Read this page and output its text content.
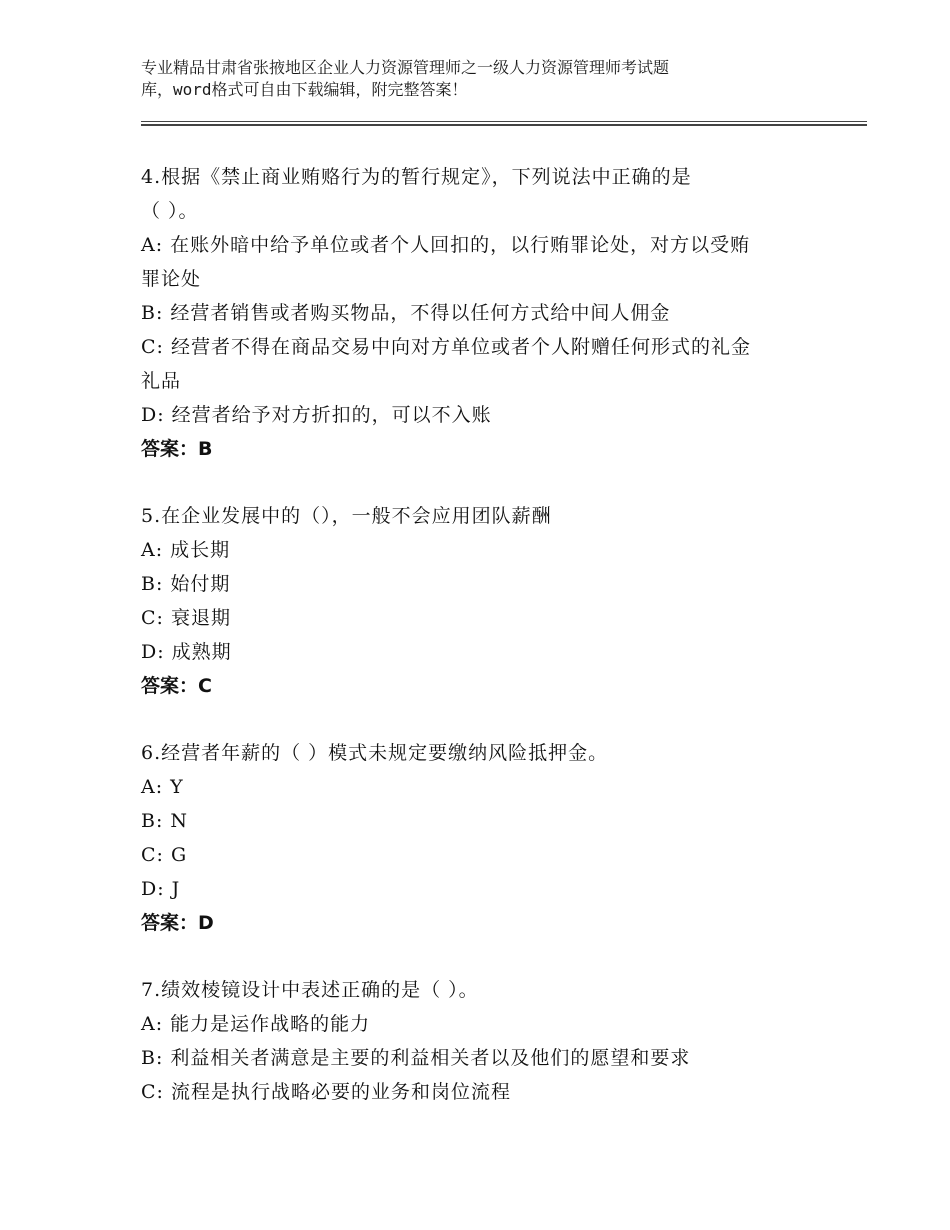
专业精品甘肃省张掖地区企业人力资源管理师之一级人力资源管理师考试题
库，word格式可自由下载编辑，附完整答案！
4.根据《禁止商业贿赂行为的暂行规定》，下列说法中正确的是
（ ）。
A: 在账外暗中给予单位或者个人回扣的，以行贿罪论处，对方以受贿
罪论处
B: 经营者销售或者购买物品，不得以任何方式给中间人佣金
C: 经营者不得在商品交易中向对方单位或者个人附赠任何形式的礼金
礼品
D: 经营者给予对方折扣的，可以不入账
答案：B
5.在企业发展中的（），一般不会应用团队薪酬
A: 成长期
B: 始付期
C: 衰退期
D: 成熟期
答案：C
6.经营者年薪的（ ）模式未规定要缴纳风险抵押金。
A: Y
B: N
C: G
D: J
答案：D
7.绩效棱镜设计中表述正确的是（ ）。
A: 能力是运作战略的能力
B: 利益相关者满意是主要的利益相关者以及他们的愿望和要求
C: 流程是执行战略必要的业务和岗位流程
